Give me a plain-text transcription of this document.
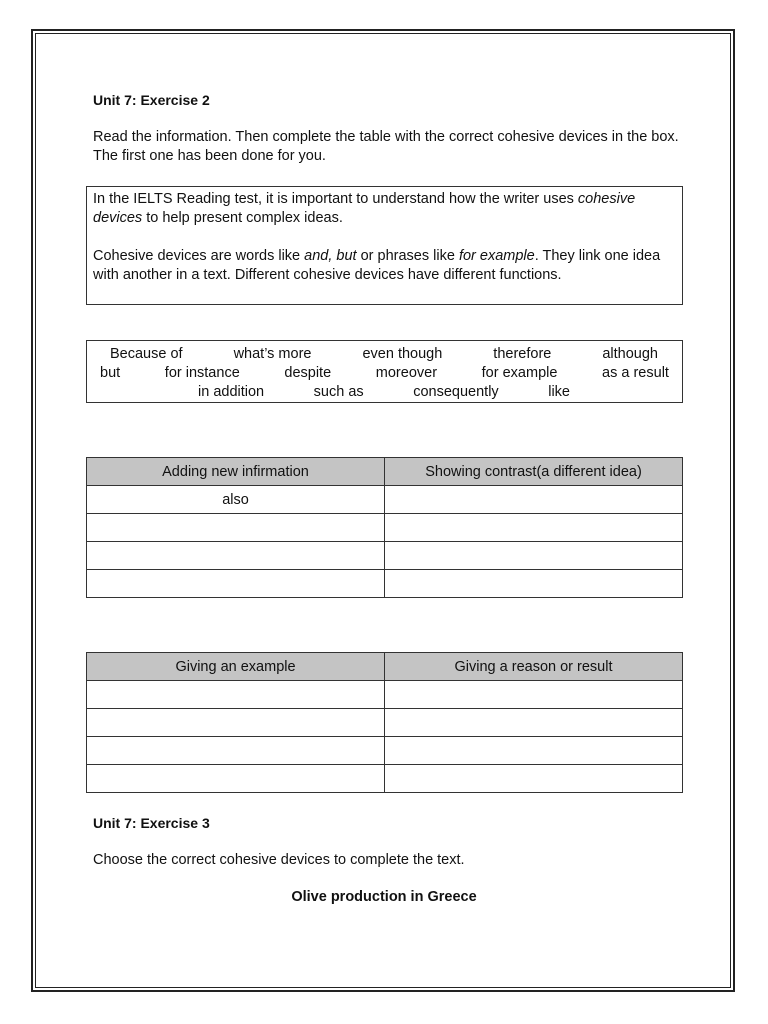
Unit 7: Exercise 2
Read the information. Then complete the table with the correct cohesive devices in the box. The first one has been done for you.

In the IELTS Reading test, it is important to understand how the writer uses cohesive devices to help present complex ideas.

Cohesive devices are words like and, but or phrases like for example. They link one idea with another in a text. Different cohesive devices have different functions.

Because of	what’s more	even though	therefore	although
but	for instance	despite	moreover	for example	as a result
in addition	such as	consequently	like
Adding new infirmation	Showing contrast(a different idea)
also	

Giving an example	Giving a reason or result

Unit 7: Exercise 3
Choose the correct cohesive devices to complete the text.
Olive production in Greece
